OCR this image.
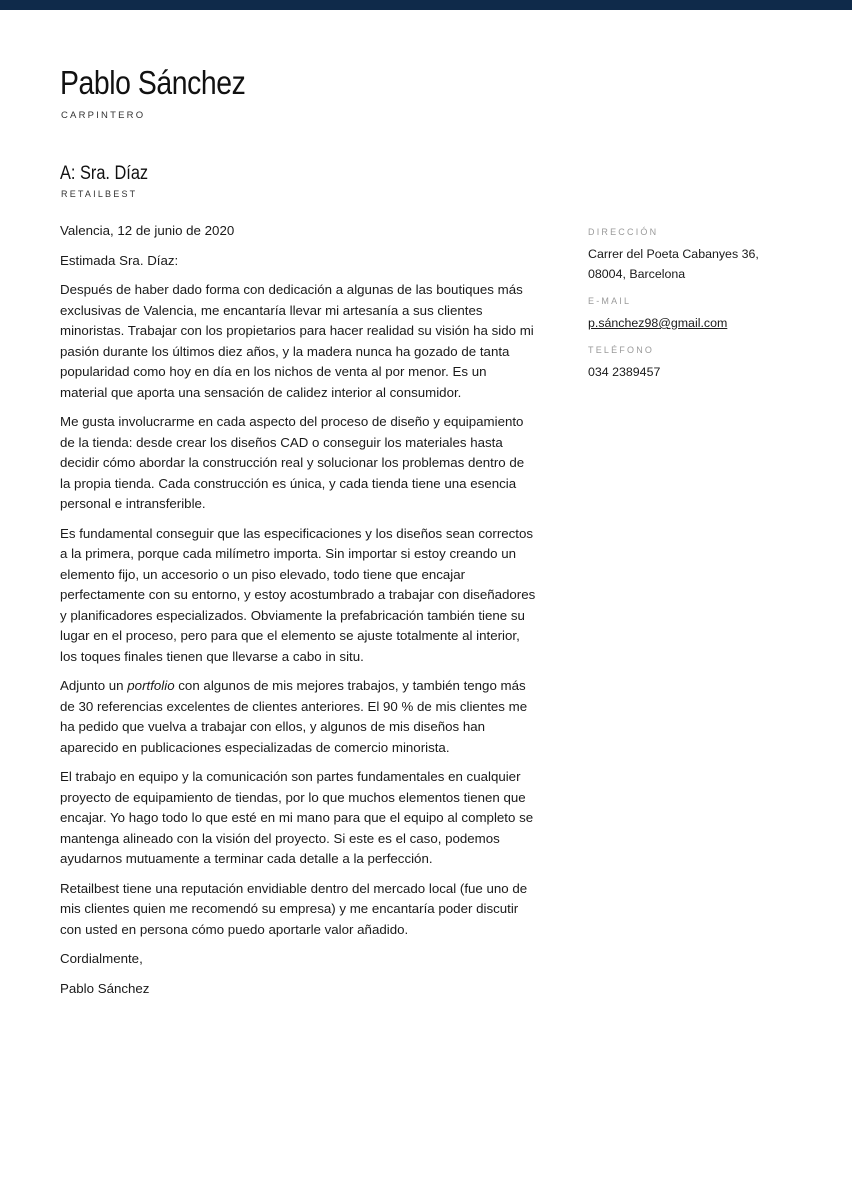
Pablo Sánchez
CARPINTERO
A: Sra. Díaz
RETAILBEST

Valencia, 12 de junio de 2020

Estimada Sra. Díaz:

Después de haber dado forma con dedicación a algunas de las boutiques más exclusivas de Valencia, me encantaría llevar mi artesanía a sus clientes minoristas. Trabajar con los propietarios para hacer realidad su visión ha sido mi pasión durante los últimos diez años, y la madera nunca ha gozado de tanta popularidad como hoy en día en los nichos de venta al por menor. Es un material que aporta una sensación de calidez interior al consumidor.

Me gusta involucrarme en cada aspecto del proceso de diseño y equipamiento de la tienda: desde crear los diseños CAD o conseguir los materiales hasta decidir cómo abordar la construcción real y solucionar los problemas dentro de la propia tienda. Cada construcción es única, y cada tienda tiene una esencia personal e intransferible.

Es fundamental conseguir que las especificaciones y los diseños sean correctos a la primera, porque cada milímetro importa. Sin importar si estoy creando un elemento fijo, un accesorio o un piso elevado, todo tiene que encajar perfectamente con su entorno, y estoy acostumbrado a trabajar con diseñadores y planificadores especializados. Obviamente la prefabricación también tiene su lugar en el proceso, pero para que el elemento se ajuste totalmente al interior, los toques finales tienen que llevarse a cabo in situ.

Adjunto un portfolio con algunos de mis mejores trabajos, y también tengo más de 30 referencias excelentes de clientes anteriores. El 90 % de mis clientes me ha pedido que vuelva a trabajar con ellos, y algunos de mis diseños han aparecido en publicaciones especializadas de comercio minorista.

El trabajo en equipo y la comunicación son partes fundamentales en cualquier proyecto de equipamiento de tiendas, por lo que muchos elementos tienen que encajar. Yo hago todo lo que esté en mi mano para que el equipo al completo se mantenga alineado con la visión del proyecto. Si este es el caso, podemos ayudarnos mutuamente a terminar cada detalle a la perfección.

Retailbest tiene una reputación envidiable dentro del mercado local (fue uno de mis clientes quien me recomendó su empresa) y me encantaría poder discutir con usted en persona cómo puedo aportarle valor añadido.

Cordialmente,

Pablo Sánchez

DIRECCIÓN
Carrer del Poeta Cabanyes 36,
08004, Barcelona
E-MAIL
p.sánchez98@gmail.com
TELÉFONO
034 2389457
